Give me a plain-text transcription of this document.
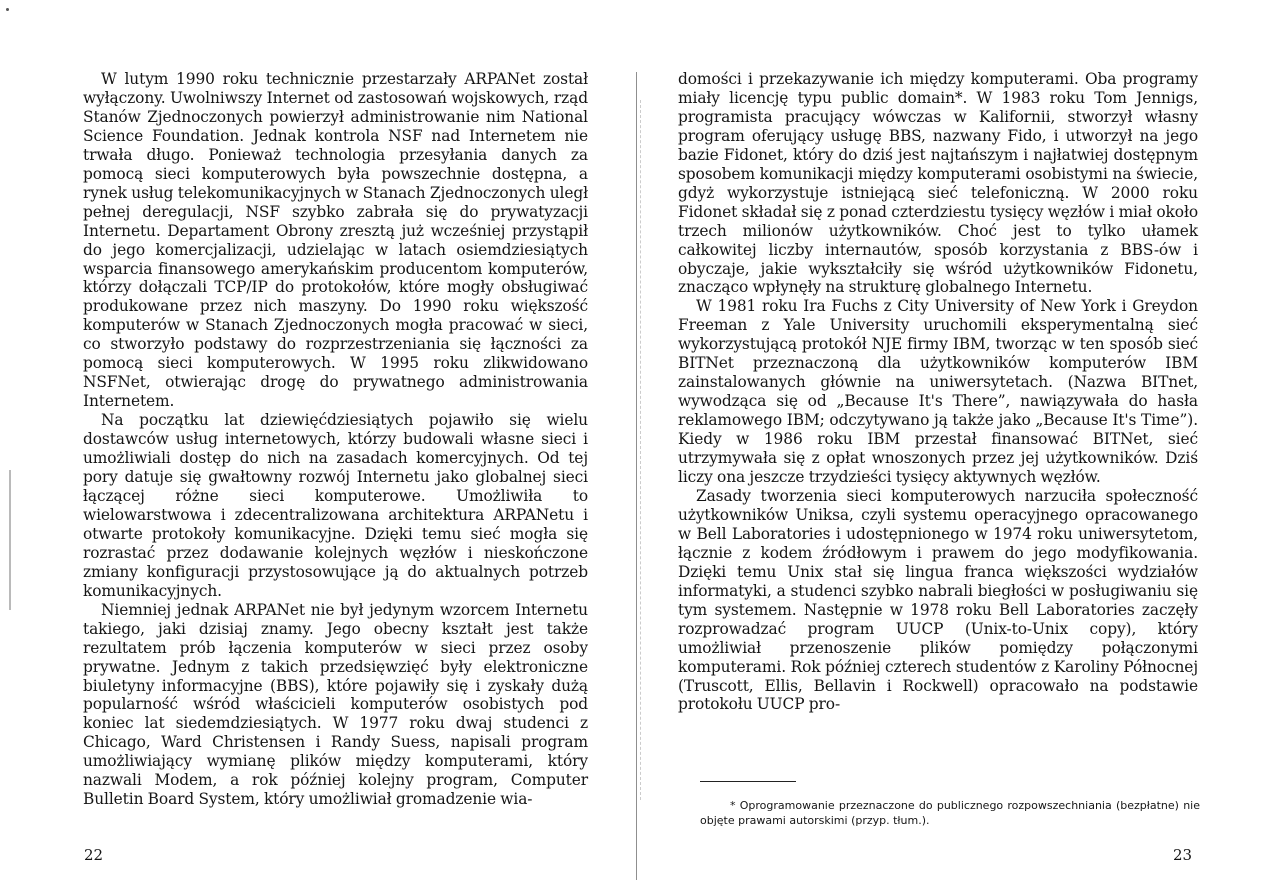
W lutym 1990 roku technicznie przestarzały ARPANet został wyłączony. Uwolniwszy Internet od zastosowań wojskowych, rząd Stanów Zjednoczonych powierzył administrowanie nim National Science Foundation. Jednak kontrola NSF nad Internetem nie trwała długo. Ponieważ technologia przesyłania danych za pomocą sieci komputerowych była powszechnie dostępna, a rynek usług telekomunikacyjnych w Stanach Zjednoczonych uległ pełnej deregulacji, NSF szybko zabrała się do prywatyzacji Internetu. Departament Obrony zresztą już wcześniej przystąpił do jego komercjalizacji, udzielając w latach osiemdziesiątych wsparcia finansowego amerykańskim producentom komputerów, którzy dołączali TCP/IP do protokołów, które mogły obsługiwać produkowane przez nich maszyny. Do 1990 roku większość komputerów w Stanach Zjednoczonych mogła pracować w sieci, co stworzyło podstawy do rozprzestrzeniania się łączności za pomocą sieci komputerowych. W 1995 roku zlikwidowano NSFNet, otwierając drogę do prywatnego administrowania Internetem.

Na początku lat dziewięćdziesiątych pojawiło się wielu dostawców usług internetowych, którzy budowali własne sieci i umożliwiali dostęp do nich na zasadach komercyjnych. Od tej pory datuje się gwałtowny rozwój Internetu jako globalnej sieci łączącej różne sieci komputerowe. Umożliwiła to wielowarstwowa i zdecentralizowana architektura ARPANetu i otwarte protokoły komunikacyjne. Dzięki temu sieć mogła się rozrastać przez dodawanie kolejnych węzłów i nieskończone zmiany konfiguracji przystosowujące ją do aktualnych potrzeb komunikacyjnych.

Niemniej jednak ARPANet nie był jedynym wzorcem Internetu takiego, jaki dzisiaj znamy. Jego obecny kształt jest także rezultatem prób łączenia komputerów w sieci przez osoby prywatne. Jednym z takich przedsięwzięć były elektroniczne biuletyny informacyjne (BBS), które pojawiły się i zyskały dużą popularność wśród właścicieli komputerów osobistych pod koniec lat siedemdziesiątych. W 1977 roku dwaj studenci z Chicago, Ward Christensen i Randy Suess, napisali program umożliwiający wymianę plików między komputerami, który nazwali Modem, a rok później kolejny program, Computer Bulletin Board System, który umożliwiał gromadzenie wia-

22

domości i przekazywanie ich między komputerami. Oba programy miały licencję typu public domain*. W 1983 roku Tom Jennigs, programista pracujący wówczas w Kalifornii, stworzył własny program oferujący usługę BBS, nazwany Fido, i utworzył na jego bazie Fidonet, który do dziś jest najtańszym i najłatwiej dostępnym sposobem komunikacji między komputerami osobistymi na świecie, gdyż wykorzystuje istniejącą sieć telefoniczną. W 2000 roku Fidonet składał się z ponad czterdziestu tysięcy węzłów i miał około trzech milionów użytkowników. Choć jest to tylko ułamek całkowitej liczby internautów, sposób korzystania z BBS-ów i obyczaje, jakie wykształciły się wśród użytkowników Fidonetu, znacząco wpłynęły na strukturę globalnego Internetu.

W 1981 roku Ira Fuchs z City University of New York i Greydon Freeman z Yale University uruchomili eksperymentalną sieć wykorzystującą protokół NJE firmy IBM, tworząc w ten sposób sieć BITNet przeznaczoną dla użytkowników komputerów IBM zainstalowanych głównie na uniwersytetach. (Nazwa BITnet, wywodząca się od „Because It's There”, nawiązywała do hasła reklamowego IBM; odczytywano ją także jako „Because It's Time”). Kiedy w 1986 roku IBM przestał finansować BITNet, sieć utrzymywała się z opłat wnoszonych przez jej użytkowników. Dziś liczy ona jeszcze trzydzieści tysięcy aktywnych węzłów.

Zasady tworzenia sieci komputerowych narzuciła społeczność użytkowników Uniksa, czyli systemu operacyjnego opracowanego w Bell Laboratories i udostępnionego w 1974 roku uniwersytetom, łącznie z kodem źródłowym i prawem do jego modyfikowania. Dzięki temu Unix stał się lingua franca większości wydziałów informatyki, a studenci szybko nabrali biegłości w posługiwaniu się tym systemem. Następnie w 1978 roku Bell Laboratories zaczęły rozprowadzać program UUCP (Unix-to-Unix copy), który umożliwiał przenoszenie plików pomiędzy połączonymi komputerami. Rok później czterech studentów z Karoliny Północnej (Truscott, Ellis, Bellavin i Rockwell) opracowało na podstawie protokołu UUCP pro-

* Oprogramowanie przeznaczone do publicznego rozpowszechniania (bezpłatne) nie objęte prawami autorskimi (przyp. tłum.).

23
